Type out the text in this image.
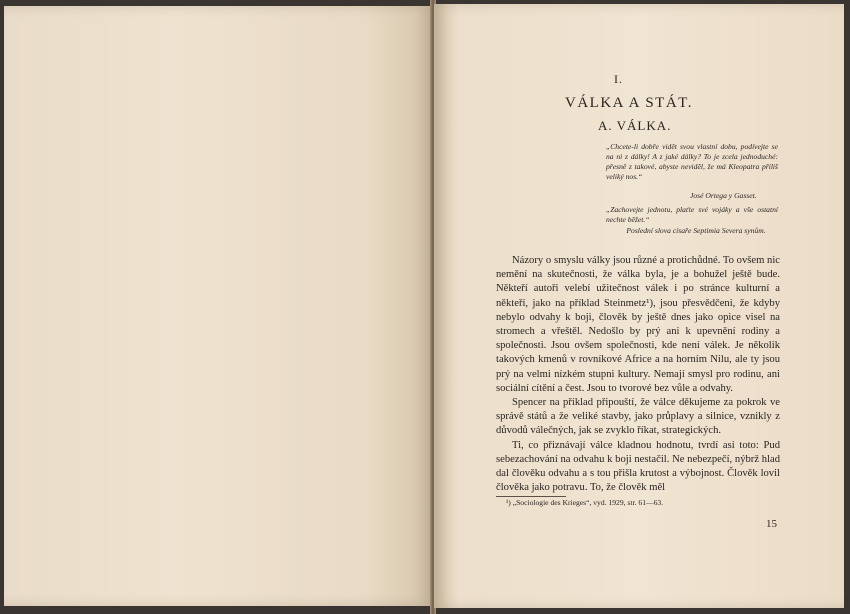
I.
VÁLKA A STÁT.
A. VÁLKA.
„Chcete-li dobře vidět svou vlastní dobu, podívejte se na ni z dálky! A z jaké dálky? To je zcela jednoduché: přesně z takové, abyste neviděl, že má Kleopatra příliš veliký nos.“
José Ortega y Gasset.
„Zachovejte jednotu, plaťte své vojáky a vše ostatní nechte běžet.“
Poslední slova císaře Septimia Severa synům.

Názory o smyslu války jsou různé a protichůdné. To ovšem nic nemění na skutečnosti, že válka byla, je a bohužel ještě bude. Někteří autoři velebí užitečnost válek i po stránce kulturní a někteří, jako na příklad Steinmetz¹), jsou přesvědčeni, že kdyby nebylo odvahy k boji, člověk by ještě dnes jako opice visel na stromech a vřeštěl. Nedošlo by prý ani k upevnění rodiny a společnosti. Jsou ovšem společnosti, kde není válek. Je několik takových kmenů v rovníkové Africe a na horním Nilu, ale ty jsou prý na velmi nízkém stupni kultury. Nemají smysl pro rodinu, ani sociální cítění a čest. Jsou to tvorové bez vůle a odvahy.

Spencer na příklad připouští, že válce děkujeme za pokrok ve správě států a že veliké stavby, jako průplavy a silnice, vznikly z důvodů válečných, jak se zvyklo říkat, strategických.

Ti, co přiznávají válce kladnou hodnotu, tvrdí asi toto: Pud sebezachování na odvahu k boji nestačil. Ne nebezpečí, nýbrž hlad dal člověku odvahu a s tou přišla krutost a výbojnost. Člověk lovil člověka jako potravu. To, že člověk měl

¹) „Sociologie des Krieges“, vyd. 1929, str. 61—63.
15
